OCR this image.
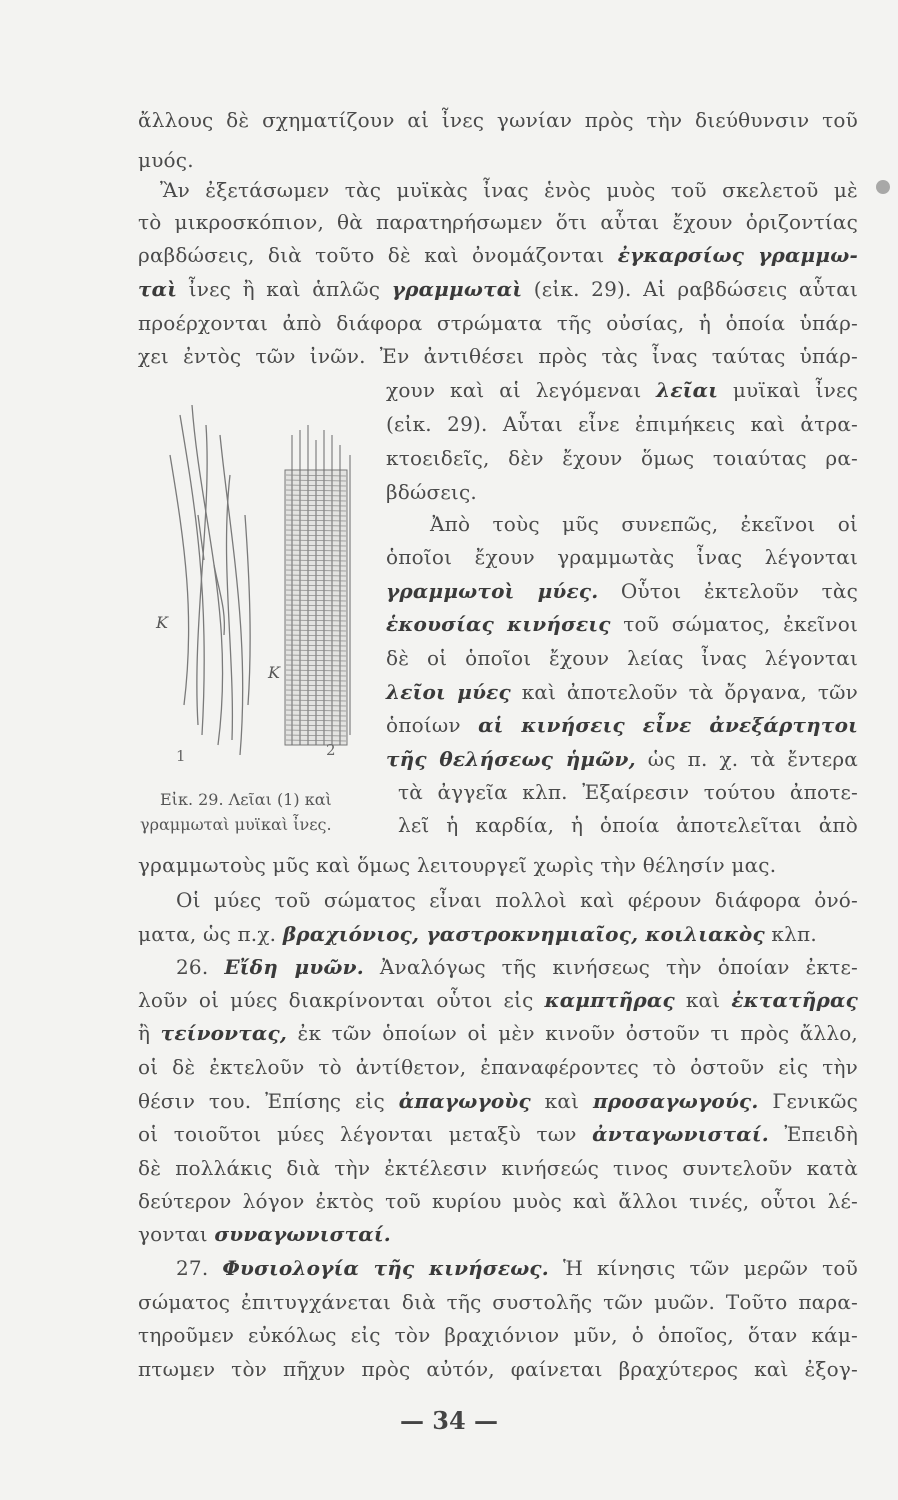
ἄλλους δὲ σχηματίζουν αἱ ἶνες γωνίαν πρὸς τὴν διεύθυνσιν τοῦ
μυός.
Ἂν ἐξετάσωμεν τὰς μυϊκὰς ἶνας ἑνὸς μυὸς τοῦ σκελετοῦ μὲ
τὸ μικροσκόπιον, θὰ παρατηρήσωμεν ὅτι αὗται ἔχουν ὁριζοντίας
ραβδώσεις, διὰ τοῦτο δὲ καὶ ὀνομάζονται ἐγκαρσίως γραμμω-
ταὶ ἶνες ἢ καὶ ἁπλῶς γραμμωταὶ (εἰκ. 29). Αἱ ραβδώσεις αὗται
προέρχονται ἀπὸ διάφορα στρώματα τῆς οὐσίας, ἡ ὁποία ὑπάρ-
χει ἐντὸς τῶν ἰνῶν. Ἐν ἀντιθέσει πρὸς τὰς ἶνας ταύτας ὑπάρ-
χουν καὶ αἱ λεγόμεναι λεῖαι μυϊκαὶ ἶνες
(εἰκ. 29). Αὗται εἶνε ἐπιμήκεις καὶ ἀτρα-
κτοειδεῖς, δὲν ἔχουν ὅμως τοιαύτας ρα-
βδώσεις.
Ἀπὸ τοὺς μῦς συνεπῶς, ἐκεῖνοι οἱ
ὁποῖοι ἔχουν γραμμωτὰς ἶνας λέγονται
γραμμωτοὶ μύες. Οὗτοι ἐκτελοῦν τὰς
ἑκουσίας κινήσεις τοῦ σώματος, ἐκεῖνοι
δὲ οἱ ὁποῖοι ἔχουν λείας ἶνας λέγονται
λεῖοι μύες καὶ ἀποτελοῦν τὰ ὄργανα, τῶν
ὁποίων αἱ κινήσεις εἶνε ἀνεξάρτητοι
τῆς θελήσεως ἡμῶν, ὡς π. χ. τὰ ἔντερα
τὰ ἀγγεῖα κλπ. Ἐξαίρεσιν τούτου ἀποτε-
λεῖ ἡ καρδία, ἡ ὁποία ἀποτελεῖται ἀπὸ
K
K
1	2
Εἰκ. 29. Λεῖαι (1) καὶ
γραμμωταὶ μυϊκαὶ ἶνες.
γραμμωτοὺς μῦς καὶ ὅμως λειτουργεῖ χωρὶς τὴν θέλησίν μας.
Οἱ μύες τοῦ σώματος εἶναι πολλοὶ καὶ φέρουν διάφορα ὀνό-
ματα, ὡς π.χ. βραχιόνιος, γαστροκνημιαῖος, κοιλιακὸς κλπ.
26. Εἴδη μυῶν. Ἀναλόγως τῆς κινήσεως τὴν ὁποίαν ἐκτε-
λοῦν οἱ μύες διακρίνονται οὗτοι εἰς καμπτῆρας καὶ ἐκτατῆρας
ἢ τείνοντας, ἐκ τῶν ὁποίων οἱ μὲν κινοῦν ὀστοῦν τι πρὸς ἄλλο,
οἱ δὲ ἐκτελοῦν τὸ ἀντίθετον, ἐπαναφέροντες τὸ ὀστοῦν εἰς τὴν
θέσιν του. Ἐπίσης εἰς ἀπαγωγοὺς καὶ προσαγωγούς. Γενικῶς
οἱ τοιοῦτοι μύες λέγονται μεταξὺ των ἀνταγωνισταί. Ἐπειδὴ
δὲ πολλάκις διὰ τὴν ἐκτέλεσιν κινήσεώς τινος συντελοῦν κατὰ
δεύτερον λόγον ἐκτὸς τοῦ κυρίου μυὸς καὶ ἄλλοι τινές, οὗτοι λέ-
γονται συναγωνισταί.
27. Φυσιολογία τῆς κινήσεως. Ἡ κίνησις τῶν μερῶν τοῦ
σώματος ἐπιτυγχάνεται διὰ τῆς συστολῆς τῶν μυῶν. Τοῦτο παρα-
τηροῦμεν εὐκόλως εἰς τὸν βραχιόνιον μῦν, ὁ ὁποῖος, ὅταν κάμ-
πτωμεν τὸν πῆχυν πρὸς αὐτόν, φαίνεται βραχύτερος καὶ ἐξογ-
— 34 —
